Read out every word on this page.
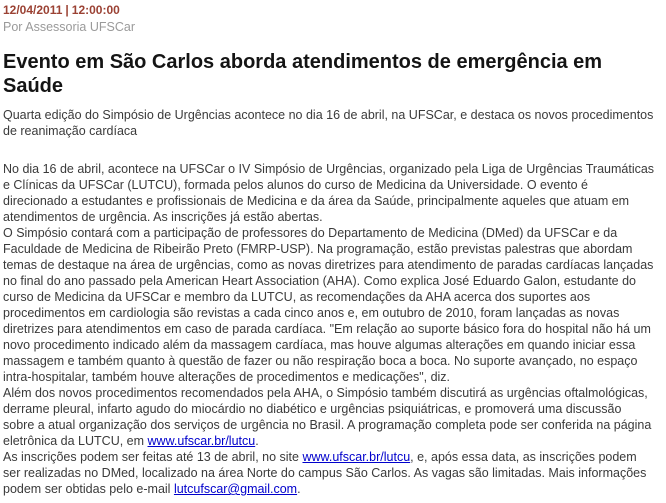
12/04/2011 | 12:00:00
Por Assessoria UFSCar
Evento em São Carlos aborda atendimentos de emergência em Saúde

Quarta edição do Simpósio de Urgências acontece no dia 16 de abril, na UFSCar, e destaca os novos procedimentos de reanimação cardíaca

No dia 16 de abril, acontece na UFSCar o IV Simpósio de Urgências, organizado pela Liga de Urgências Traumáticas e Clínicas da UFSCar (LUTCU), formada pelos alunos do curso de Medicina da Universidade. O evento é direcionado a estudantes e profissionais de Medicina e da área da Saúde, principalmente aqueles que atuam em atendimentos de urgência. As inscrições já estão abertas.

O Simpósio contará com a participação de professores do Departamento de Medicina (DMed) da UFSCar e da Faculdade de Medicina de Ribeirão Preto (FMRP-USP). Na programação, estão previstas palestras que abordam temas de destaque na área de urgências, como as novas diretrizes para atendimento de paradas cardíacas lançadas no final do ano passado pela American Heart Association (AHA). Como explica José Eduardo Galon, estudante do curso de Medicina da UFSCar e membro da LUTCU, as recomendações da AHA acerca dos suportes aos procedimentos em cardiologia são revistas a cada cinco anos e, em outubro de 2010, foram lançadas as novas diretrizes para atendimentos em caso de parada cardíaca. "Em relação ao suporte básico fora do hospital não há um novo procedimento indicado além da massagem cardíaca, mas houve algumas alterações em quando iniciar essa massagem e também quanto à questão de fazer ou não respiração boca a boca. No suporte avançado, no espaço intra-hospitalar, também houve alterações de procedimentos e medicações", diz.

Além dos novos procedimentos recomendados pela AHA, o Simpósio também discutirá as urgências oftalmológicas, derrame pleural, infarto agudo do miocárdio no diabético e urgências psiquiátricas, e promoverá uma discussão sobre a atual organização dos serviços de urgência no Brasil. A programação completa pode ser conferida na página eletrônica da LUTCU, em www.ufscar.br/lutcu.

As inscrições podem ser feitas até 13 de abril, no site www.ufscar.br/lutcu, e, após essa data, as inscrições podem ser realizadas no DMed, localizado na área Norte do campus São Carlos. As vagas são limitadas. Mais informações podem ser obtidas pelo e-mail lutcufscar@gmail.com.
